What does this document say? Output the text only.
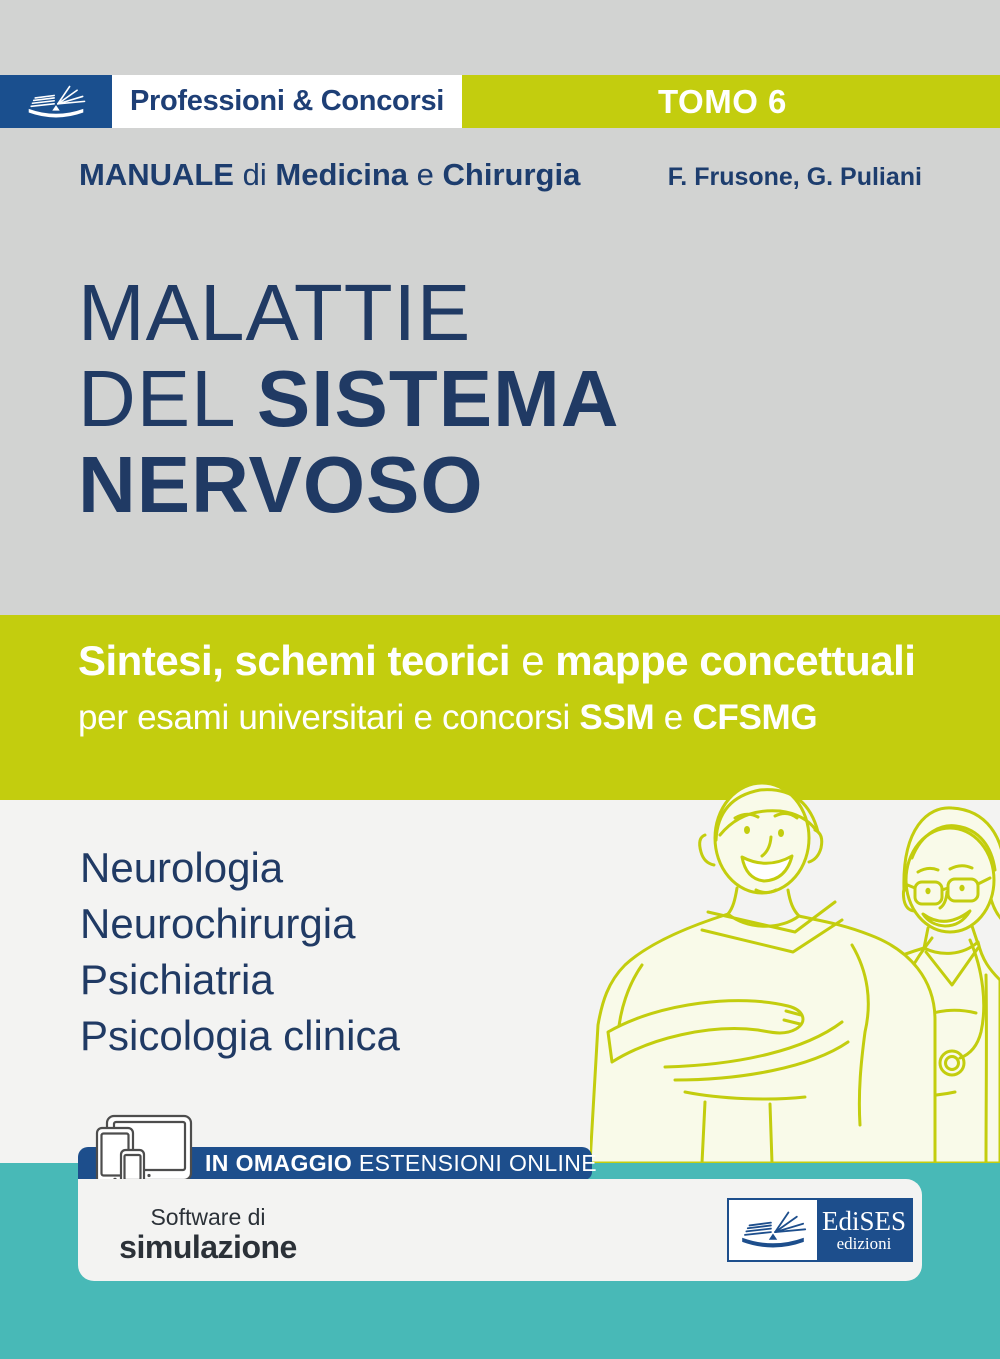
Professioni & Concorsi	TOMO 6
MANUALE di Medicina e Chirurgia	F. Frusone, G. Puliani
MALATTIE
DEL SISTEMA
NERVOSO
Sintesi, schemi teorici e mappe concettuali
per esami universitari e concorsi SSM e CFSMG
Neurologia
Neurochirurgia
Psichiatria
Psicologia clinica
IN OMAGGIO ESTENSIONI ONLINE
Software di
simulazione
EdiSES
edizioni
